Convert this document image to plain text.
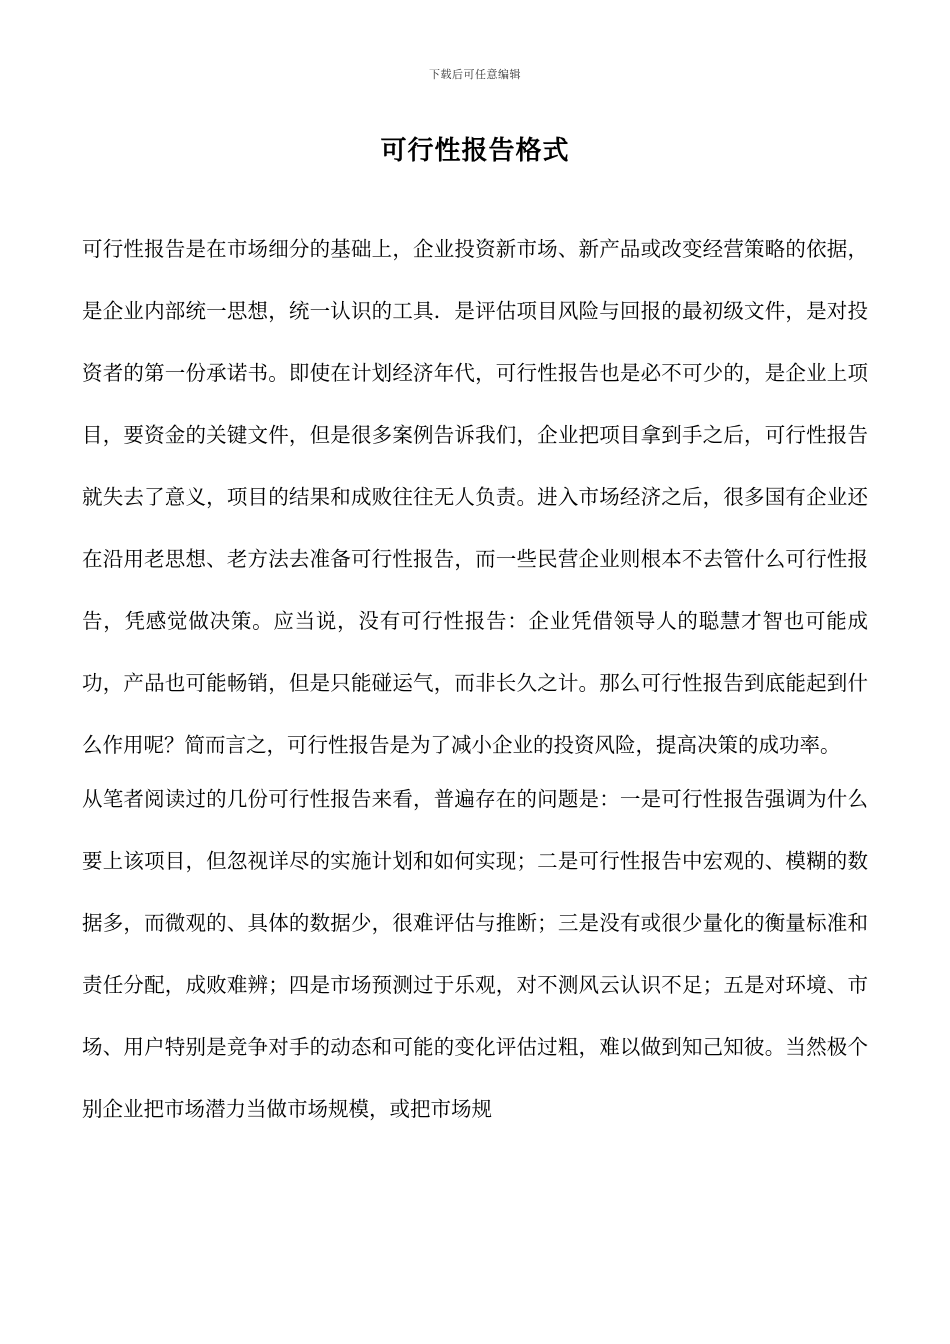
下载后可任意编辑
可行性报告格式

可行性报告是在市场细分的基础上，企业投资新市场、新产品或改变经营策略的依据，是企业内部统一思想，统一认识的工具．是评估项目风险与回报的最初级文件，是对投资者的第一份承诺书。即使在计划经济年代，可行性报告也是必不可少的，是企业上项目，要资金的关键文件，但是很多案例告诉我们，企业把项目拿到手之后，可行性报告就失去了意义，项目的结果和成败往往无人负责。进入市场经济之后，很多国有企业还在沿用老思想、老方法去准备可行性报告，而一些民营企业则根本不去管什么可行性报告，凭感觉做决策。应当说，没有可行性报告：企业凭借领导人的聪慧才智也可能成功，产品也可能畅销，但是只能碰运气，而非长久之计。那么可行性报告到底能起到什么作用呢？简而言之，可行性报告是为了减小企业的投资风险，提高决策的成功率。

从笔者阅读过的几份可行性报告来看，普遍存在的问题是：一是可行性报告强调为什么要上该项目，但忽视详尽的实施计划和如何实现；二是可行性报告中宏观的、模糊的数据多，而微观的、具体的数据少，很难评估与推断；三是没有或很少量化的衡量标准和责任分配，成败难辨；四是市场预测过于乐观，对不测风云认识不足；五是对环境、市场、用户特别是竞争对手的动态和可能的变化评估过粗，难以做到知己知彼。当然极个别企业把市场潜力当做市场规模，或把市场规
